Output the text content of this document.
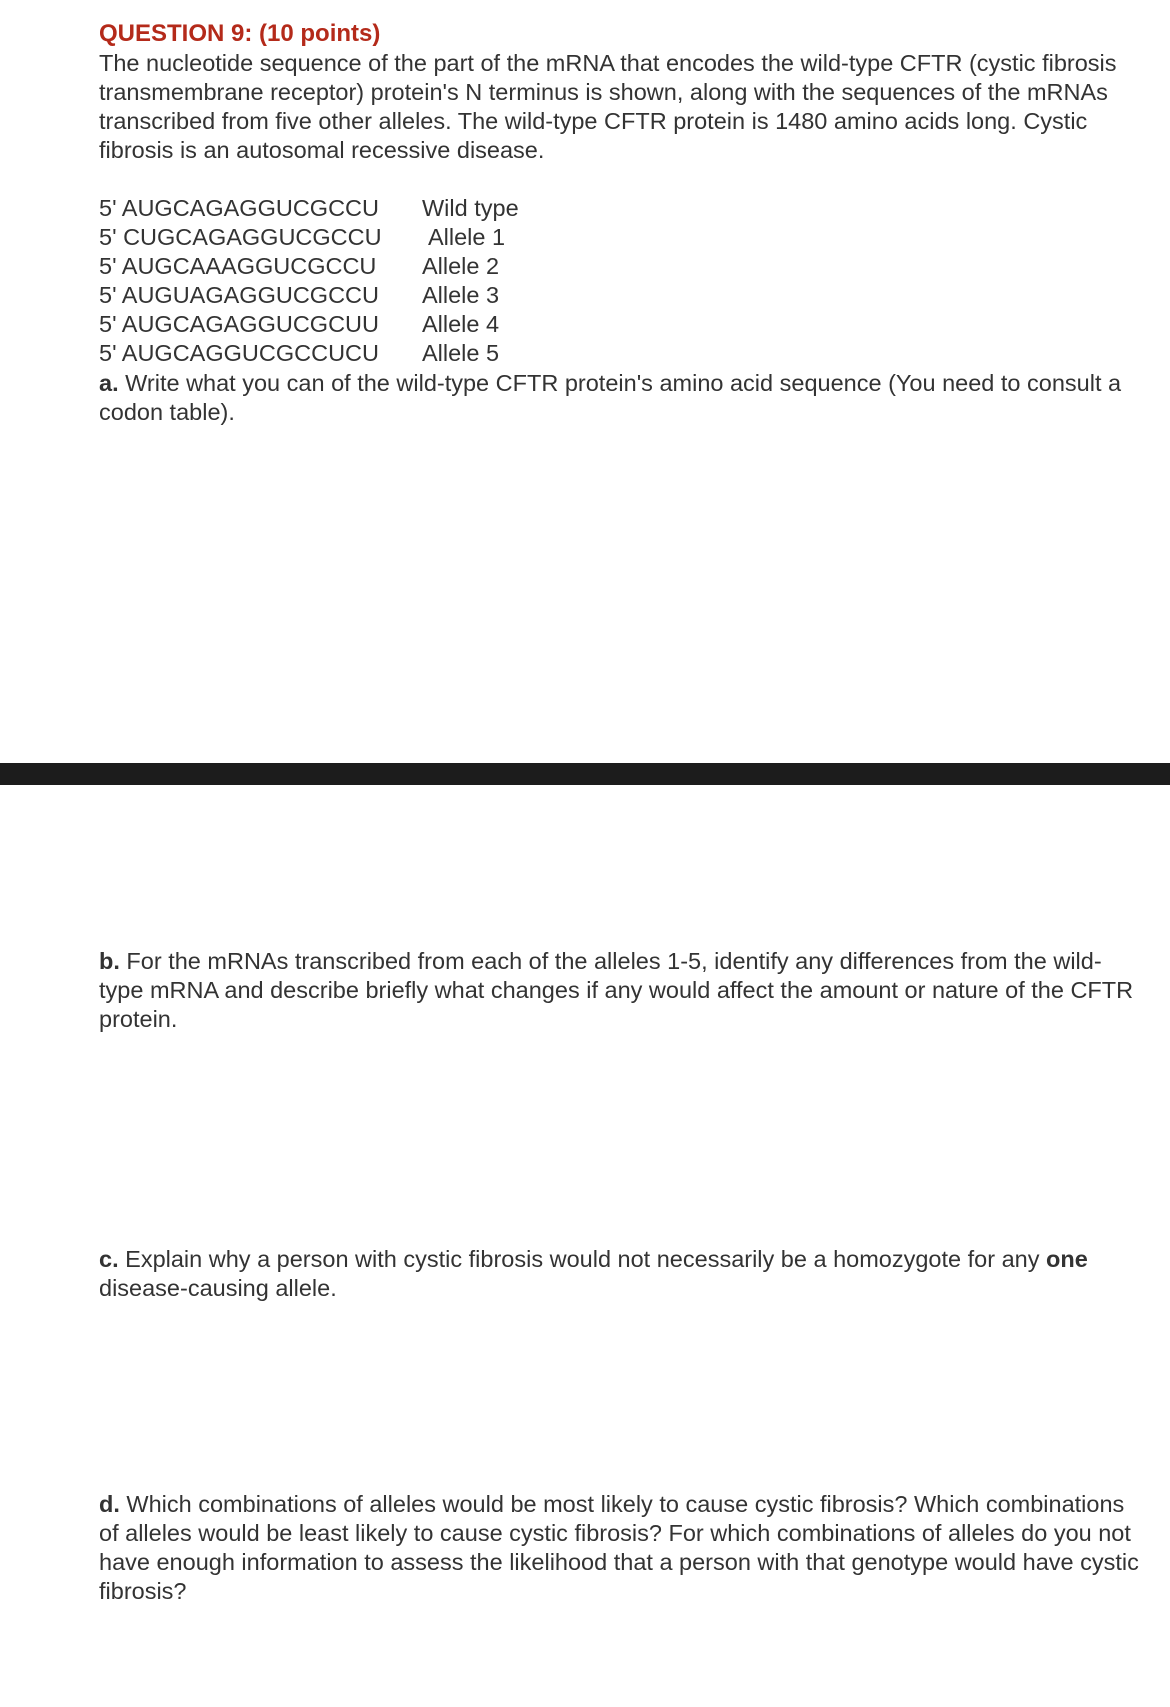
QUESTION 9: (10 points)
The nucleotide sequence of the part of the mRNA that encodes the wild-type CFTR (cystic fibrosis transmembrane receptor) protein's N terminus is shown, along with the sequences of the mRNAs transcribed from five other alleles. The wild-type CFTR protein is 1480 amino acids long. Cystic fibrosis is an autosomal recessive disease.
5' AUGCAGAGGUCGCCU	Wild type
5' CUGCAGAGGUCGCCU	Allele 1
5' AUGCAAAGGUCGCCU	Allele 2
5' AUGUAGAGGUCGCCU	Allele 3
5' AUGCAGAGGUCGCUU	Allele 4
5' AUGCAGGUCGCCUCU	Allele 5
a. Write what you can of the wild-type CFTR protein's amino acid sequence (You need to consult a codon table).
b. For the mRNAs transcribed from each of the alleles 1-5, identify any differences from the wild-type mRNA and describe briefly what changes if any would affect the amount or nature of the CFTR protein.
c. Explain why a person with cystic fibrosis would not necessarily be a homozygote for any one disease-causing allele.
d. Which combinations of alleles would be most likely to cause cystic fibrosis? Which combinations of alleles would be least likely to cause cystic fibrosis? For which combinations of alleles do you not have enough information to assess the likelihood that a person with that genotype would have cystic fibrosis?
